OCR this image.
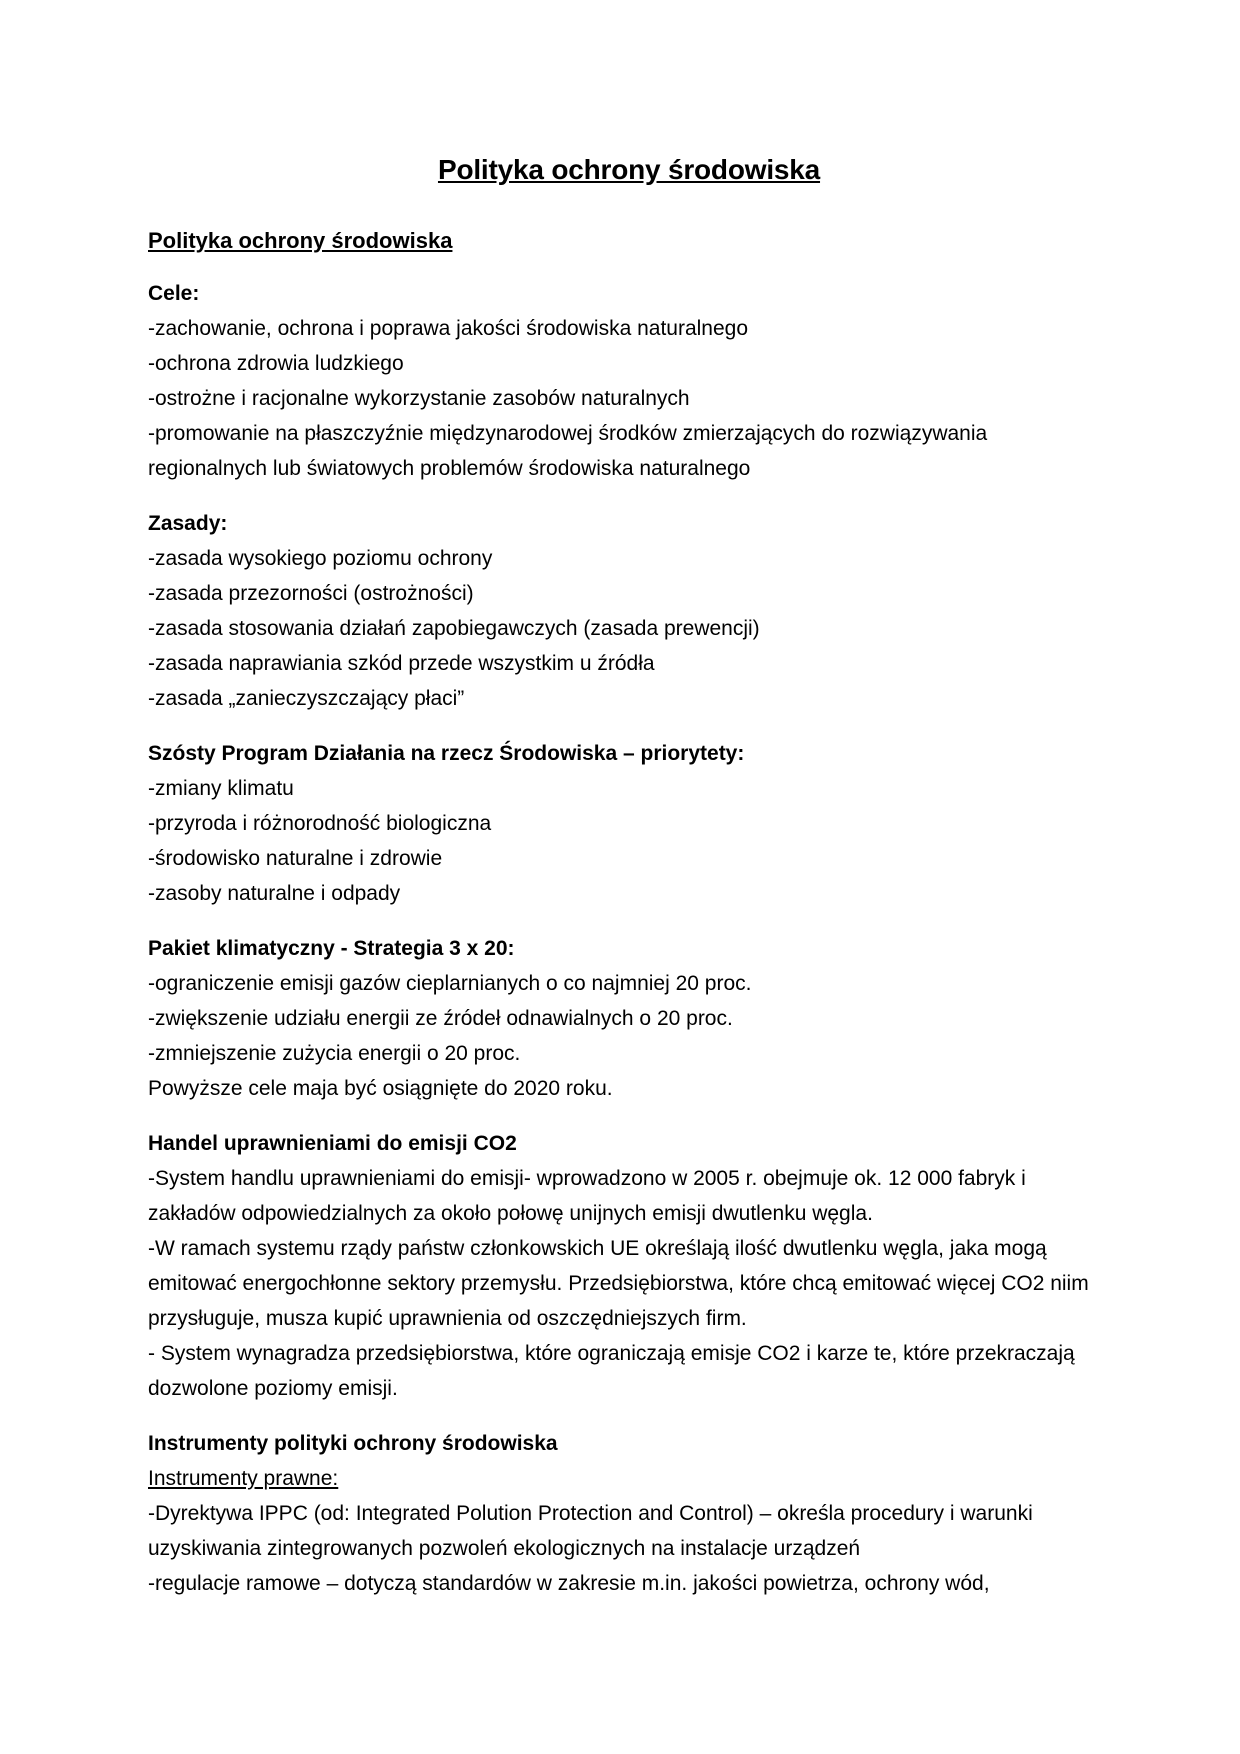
Polityka ochrony środowiska
Polityka ochrony środowiska
Cele:
-zachowanie, ochrona i poprawa jakości środowiska naturalnego
-ochrona zdrowia ludzkiego
-ostrożne i racjonalne wykorzystanie zasobów naturalnych
-promowanie na płaszczyźnie międzynarodowej środków zmierzających do rozwiązywania regionalnych lub światowych problemów środowiska naturalnego
Zasady:
-zasada wysokiego poziomu ochrony
-zasada przezorności (ostrożności)
-zasada stosowania działań zapobiegawczych (zasada prewencji)
-zasada naprawiania szkód przede wszystkim u źródła
-zasada „zanieczyszczający płaci”
Szósty Program Działania na rzecz Środowiska – priorytety:
-zmiany klimatu
-przyroda i różnorodność biologiczna
-środowisko naturalne i zdrowie
-zasoby naturalne i odpady
Pakiet klimatyczny - Strategia 3 x 20:
-ograniczenie emisji gazów cieplarnianych o co najmniej 20 proc.
-zwiększenie udziału energii ze źródeł odnawialnych o 20 proc.
-zmniejszenie zużycia energii o 20 proc.
Powyższe cele maja być osiągnięte do 2020 roku.
Handel uprawnieniami do emisji CO2
-System handlu uprawnieniami do emisji- wprowadzono w 2005 r. obejmuje ok. 12 000 fabryk i zakładów odpowiedzialnych za około połowę unijnych emisji dwutlenku węgla.
-W ramach systemu rządy państw członkowskich UE określają ilość dwutlenku węgla, jaka mogą emitować energochłonne sektory przemysłu. Przedsiębiorstwa, które chcą emitować więcej CO2 niim przysługuje, musza kupić uprawnienia od oszczędniejszych firm.
- System wynagradza przedsiębiorstwa, które ograniczają emisje CO2 i karze te, które przekraczają dozwolone poziomy emisji.
Instrumenty polityki ochrony środowiska
Instrumenty prawne:
-Dyrektywa IPPC (od: Integrated Polution Protection and Control) – określa procedury i warunki uzyskiwania zintegrowanych pozwoleń ekologicznych na instalacje urządzeń
-regulacje ramowe – dotyczą standardów w zakresie m.in. jakości powietrza, ochrony wód,
